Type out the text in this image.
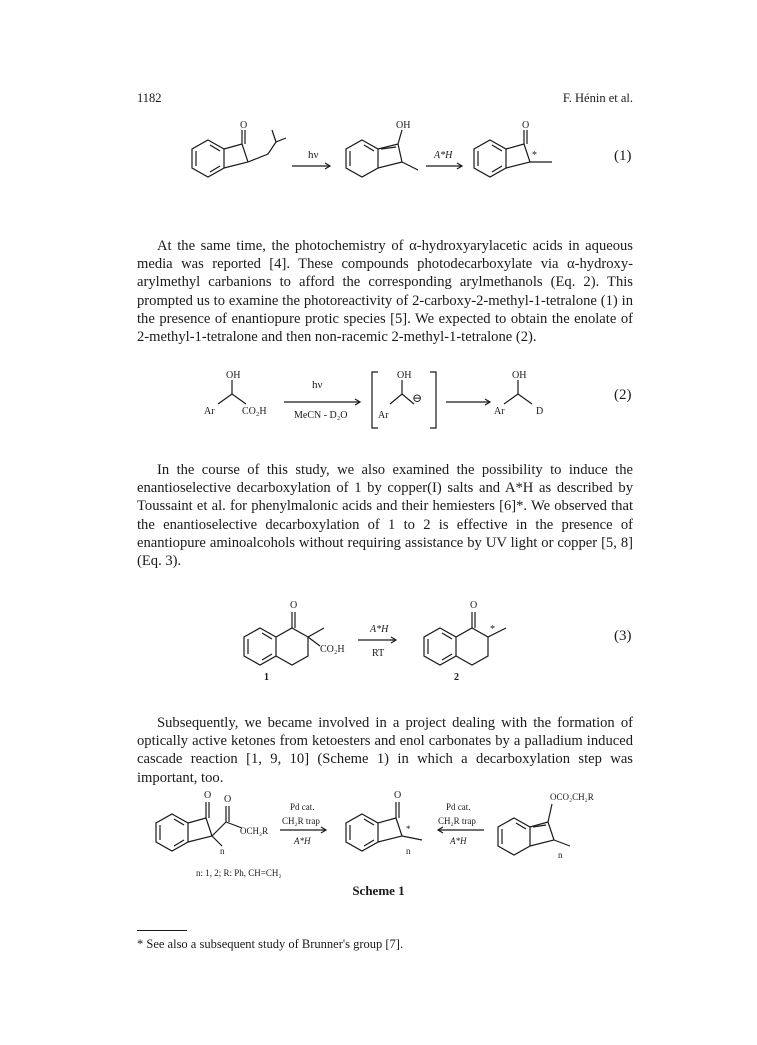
1182	F. Hénin et al.
O
hν
OH
A*H
O
*	(1)

At the same time, the photochemistry of α-hydroxyarylacetic acids in aqueous media was reported [4]. These compounds photodecarboxylate via α-hydroxy-arylmethyl carbanions to afford the corresponding arylmethanols (Eq. 2). This prompted us to examine the photoreactivity of 2-carboxy-2-methyl-1-tetralone (1) in the presence of enantiopure protic species [5]. We expected to obtain the enolate of 2-methyl-1-tetralone and then non-racemic 2-methyl-1-tetralone (2).

OH
Ar	CO₂H
hν
MeCN - D₂O
OH
Ar
⊖
OH
Ar	D
(2)

In the course of this study, we also examined the possibility to induce the enantioselective decarboxylation of 1 by copper(I) salts and A*H as described by Toussaint et al. for phenylmalonic acids and their hemiesters [6]*. We observed that the enantioselective decarboxylation of 1 to 2 is effective in the presence of enantiopure aminoalcohols without requiring assistance by UV light or copper [5, 8] (Eq. 3).

O
CO₂H
1
A*H
RT
O
*
2
(3)

Subsequently, we became involved in a project dealing with the formation of optically active ketones from ketoesters and enol carbonates by a palladium induced cascade reaction [1, 9, 10] (Scheme 1) in which a decarboxylation step was important, too.

O O
OCH₂R
n
Pd cat.
CH₂R trap
A*H
O
*
n
Pd cat.
CH₂R trap
A*H
OCO₂CH₂R
n
n: 1, 2; R: Ph, CH=CH₂
Scheme 1
* See also a subsequent study of Brunner's group [7].
